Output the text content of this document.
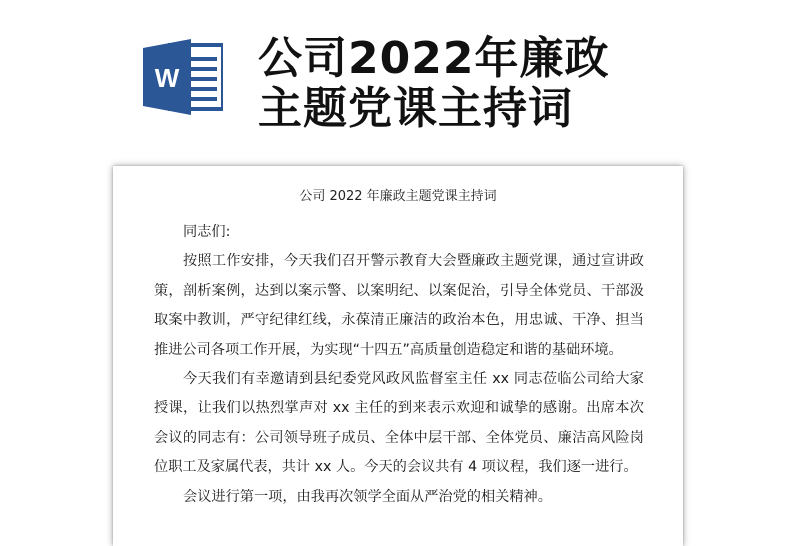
W 公司2022年廉政
主题党课主持词
公司 2022 年廉政主题党课主持词

同志们:

按照工作安排，今天我们召开警示教育大会暨廉政主题党课，通过宣讲政策，剖析案例，达到以案示警、以案明纪、以案促治，引导全体党员、干部汲取案中教训，严守纪律红线，永葆清正廉洁的政治本色，用忠诚、干净、担当推进公司各项工作开展，为实现“十四五”高质量创造稳定和谐的基础环境。

今天我们有幸邀请到县纪委党风政风监督室主任 xx 同志莅临公司给大家授课，让我们以热烈掌声对 xx 主任的到来表示欢迎和诚挚的感谢。出席本次会议的同志有：公司领导班子成员、全体中层干部、全体党员、廉洁高风险岗位职工及家属代表，共计 xx 人。今天的会议共有 4 项议程，我们逐一进行。

会议进行第一项，由我再次领学全面从严治党的相关精神。
